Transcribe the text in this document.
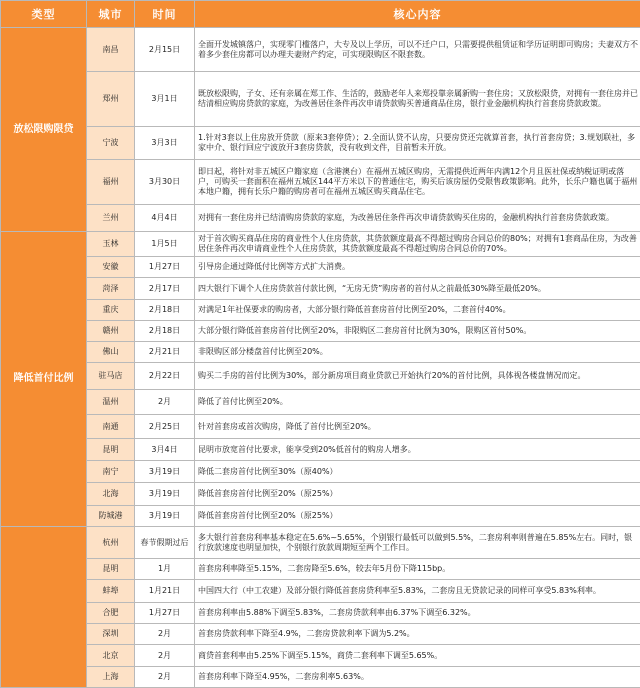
类型	城市	时间	核心内容
放松限购限贷	南昌	2月15日	全面开发城镇落户，实现零门槛落户，大专及以上学历，可以不迁户口，只需要提供租赁证和学历证明即可购房；夫妻双方不着多少套住房都可以办理夫妻财产约定，可实现限购区不限套数。

	郑州	3月1日	既放松限购，子女、还有亲属在郑工作、生活的，鼓励老年人来郑投靠亲属新购一套住房；又放松限贷，对拥有一套住房并已结清相应购房贷款的家庭，为改善居住条件再次申请贷款购买普通商品住房，银行业金融机构执行首套房贷款政策。

	宁波	3月3日	1.针对3套以上住房放开贷款（原来3套停贷）；2.全面认贷不认房，只要房贷还完就算首套，执行首套房贷；3.规划联社，多家中介、银行回应宁波放开3套房贷款，没有收到文件，目前暂未开放。

	福州	3月30日	即日起，将针对非五城区户籍家庭（含港澳台）在福州五城区购房，无需提供近两年内满12个月且医社保或纳税证明或落户，可购买一套面积在福州五城区144平方米以下的普通住宅，购买后该房屋仍受限售政策影响。此外，长乐户籍也属于福州本地户籍，拥有长乐户籍的购房者可在福州五城区购买商品住宅。

	兰州	4月4日	对拥有一套住房并已结清购房贷款的家庭，为改善居住条件再次申请贷款购买住房的，金融机构执行首套房贷款政策。

降低首付比例	玉林	1月5日	对于首次购买商品住房的商业性个人住房贷款，其贷款额度最高不得超过购房合同总价的80%；对拥有1套商品住房，为改善居住条件再次申请商业性个人住房贷款，其贷款额度最高不得超过购房合同总价的70%。

	安徽	1月27日	引导房企通过降低付比例等方式扩大消费。

	菏泽	2月17日	四大银行下调个人住房贷款首付款比例，“无房无贷”购房者的首付从之前最低30%降至最低20%。

	重庆	2月18日	对满足1年社保要求的购房者，大部分银行降低首套房首付比例至20%，二套首付40%。

	赣州	2月18日	大部分银行降低首套房首付比例至20%，非限购区二套房首付比例为30%，限购区首付50%。

	佛山	2月21日	非限购区部分楼盘首付比例至20%。

	驻马店	2月22日	购买二手房的首付比例为30%，部分新房项目商业贷款已开始执行20%的首付比例，具体视各楼盘情况而定。

	温州	2月	降低了首付比例至20%。

	南通	2月25日	针对首套房或首次购房，降低了首付比例至20%。

	昆明	3月4日	昆明市放宽首付比要求，能享受到20%低首付的购房人增多。

	南宁	3月19日	降低二套房首付比例至30%（原40%）

	北海	3月19日	降低首套房首付比例至20%（原25%）

	防城港	3月19日	降低首套房首付比例至20%（原25%）

	杭州	春节假期过后	多大银行首套房利率基本稳定在5.6%~5.65%，个别银行最低可以做到5.5%，二套房利率则普遍在5.85%左右。同时，银行放款速度也明显加快，个别银行放款周期短至两个工作日。

	昆明	1月	首套房利率降至5.15%，二套房降至5.6%，较去年5月份下降115bp。

	蚌埠	1月21日	中国四大行（中工农建）及部分银行降低首套房贷利率至5.83%，二套房且无贷款记录的同样可享受5.83%利率。

	合肥	1月27日	首套房利率由5.88%下调至5.83%，二套房贷款利率由6.37%下调至6.32%。

	深圳	2月	首套房贷款利率下降至4.9%，二套房贷款利率下调为5.2%。

	北京	2月	商贷首套利率由5.25%下调至5.15%，商贷二套利率下调至5.65%。

	上海	2月	首套房利率下降至4.95%，二套房利率5.63%。
